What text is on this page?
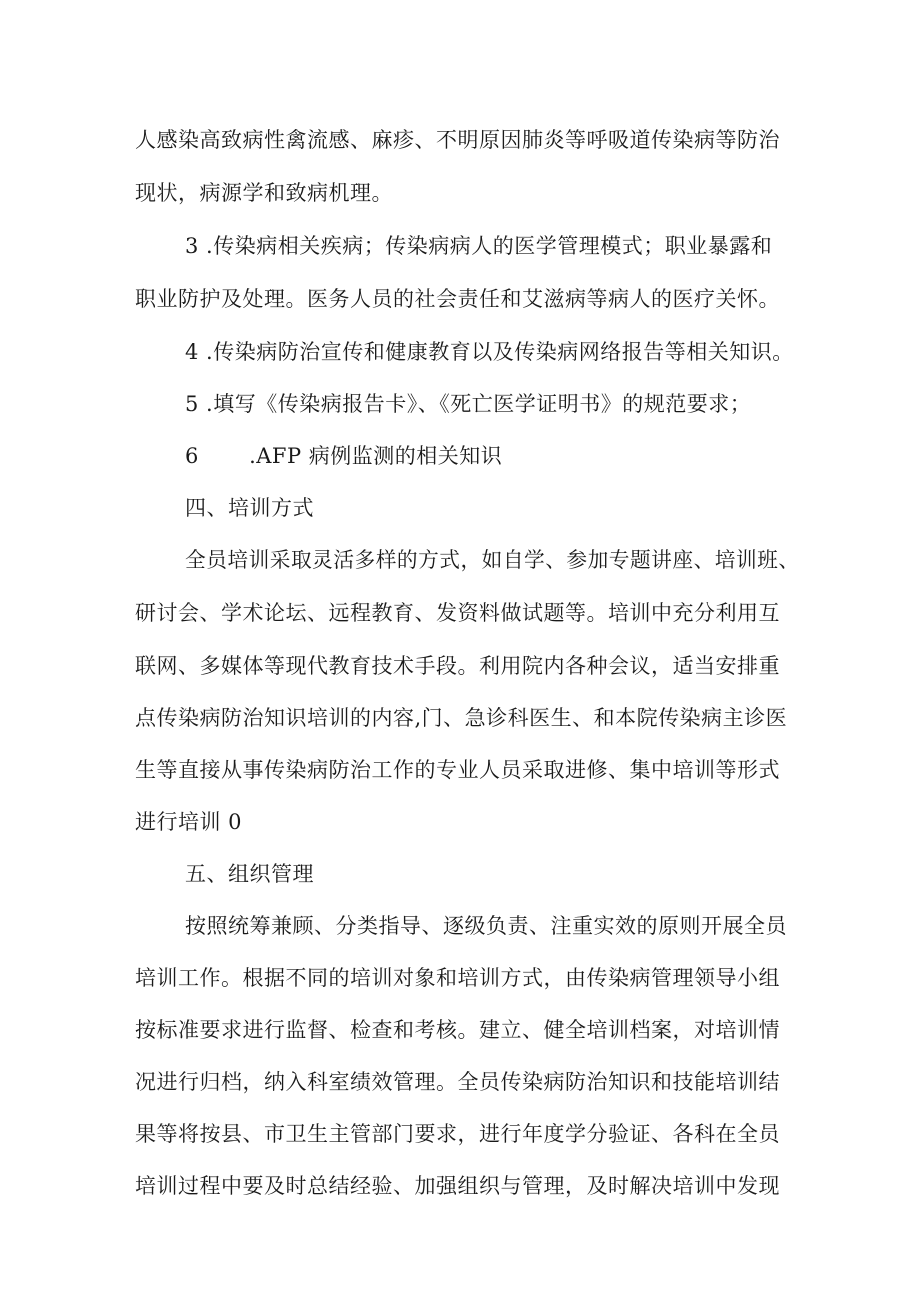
人感染高致病性禽流感、麻疹、不明原因肺炎等呼吸道传染病等防治
现状，病源学和致病机理。
3 .传染病相关疾病；传染病病人的医学管理模式；职业暴露和
职业防护及处理。医务人员的社会责任和艾滋病等病人的医疗关怀。
4 .传染病防治宣传和健康教育以及传染病网络报告等相关知识。
5 .填写《传染病报告卡》、《死亡医学证明书》的规范要求；
6       .AFP 病例监测的相关知识
四、培训方式
全员培训采取灵活多样的方式，如自学、参加专题讲座、培训班、
研讨会、学术论坛、远程教育、发资料做试题等。培训中充分利用互
联网、多媒体等现代教育技术手段。利用院内各种会议，适当安排重
点传染病防治知识培训的内容,门、急诊科医生、和本院传染病主诊医
生等直接从事传染病防治工作的专业人员采取进修、集中培训等形式
进行培训 0
五、组织管理
按照统筹兼顾、分类指导、逐级负责、注重实效的原则开展全员
培训工作。根据不同的培训对象和培训方式，由传染病管理领导小组
按标准要求进行监督、检查和考核。建立、健全培训档案，对培训情
况进行归档，纳入科室绩效管理。全员传染病防治知识和技能培训结
果等将按县、市卫生主管部门要求，进行年度学分验证、各科在全员
培训过程中要及时总结经验、加强组织与管理，及时解决培训中发现
